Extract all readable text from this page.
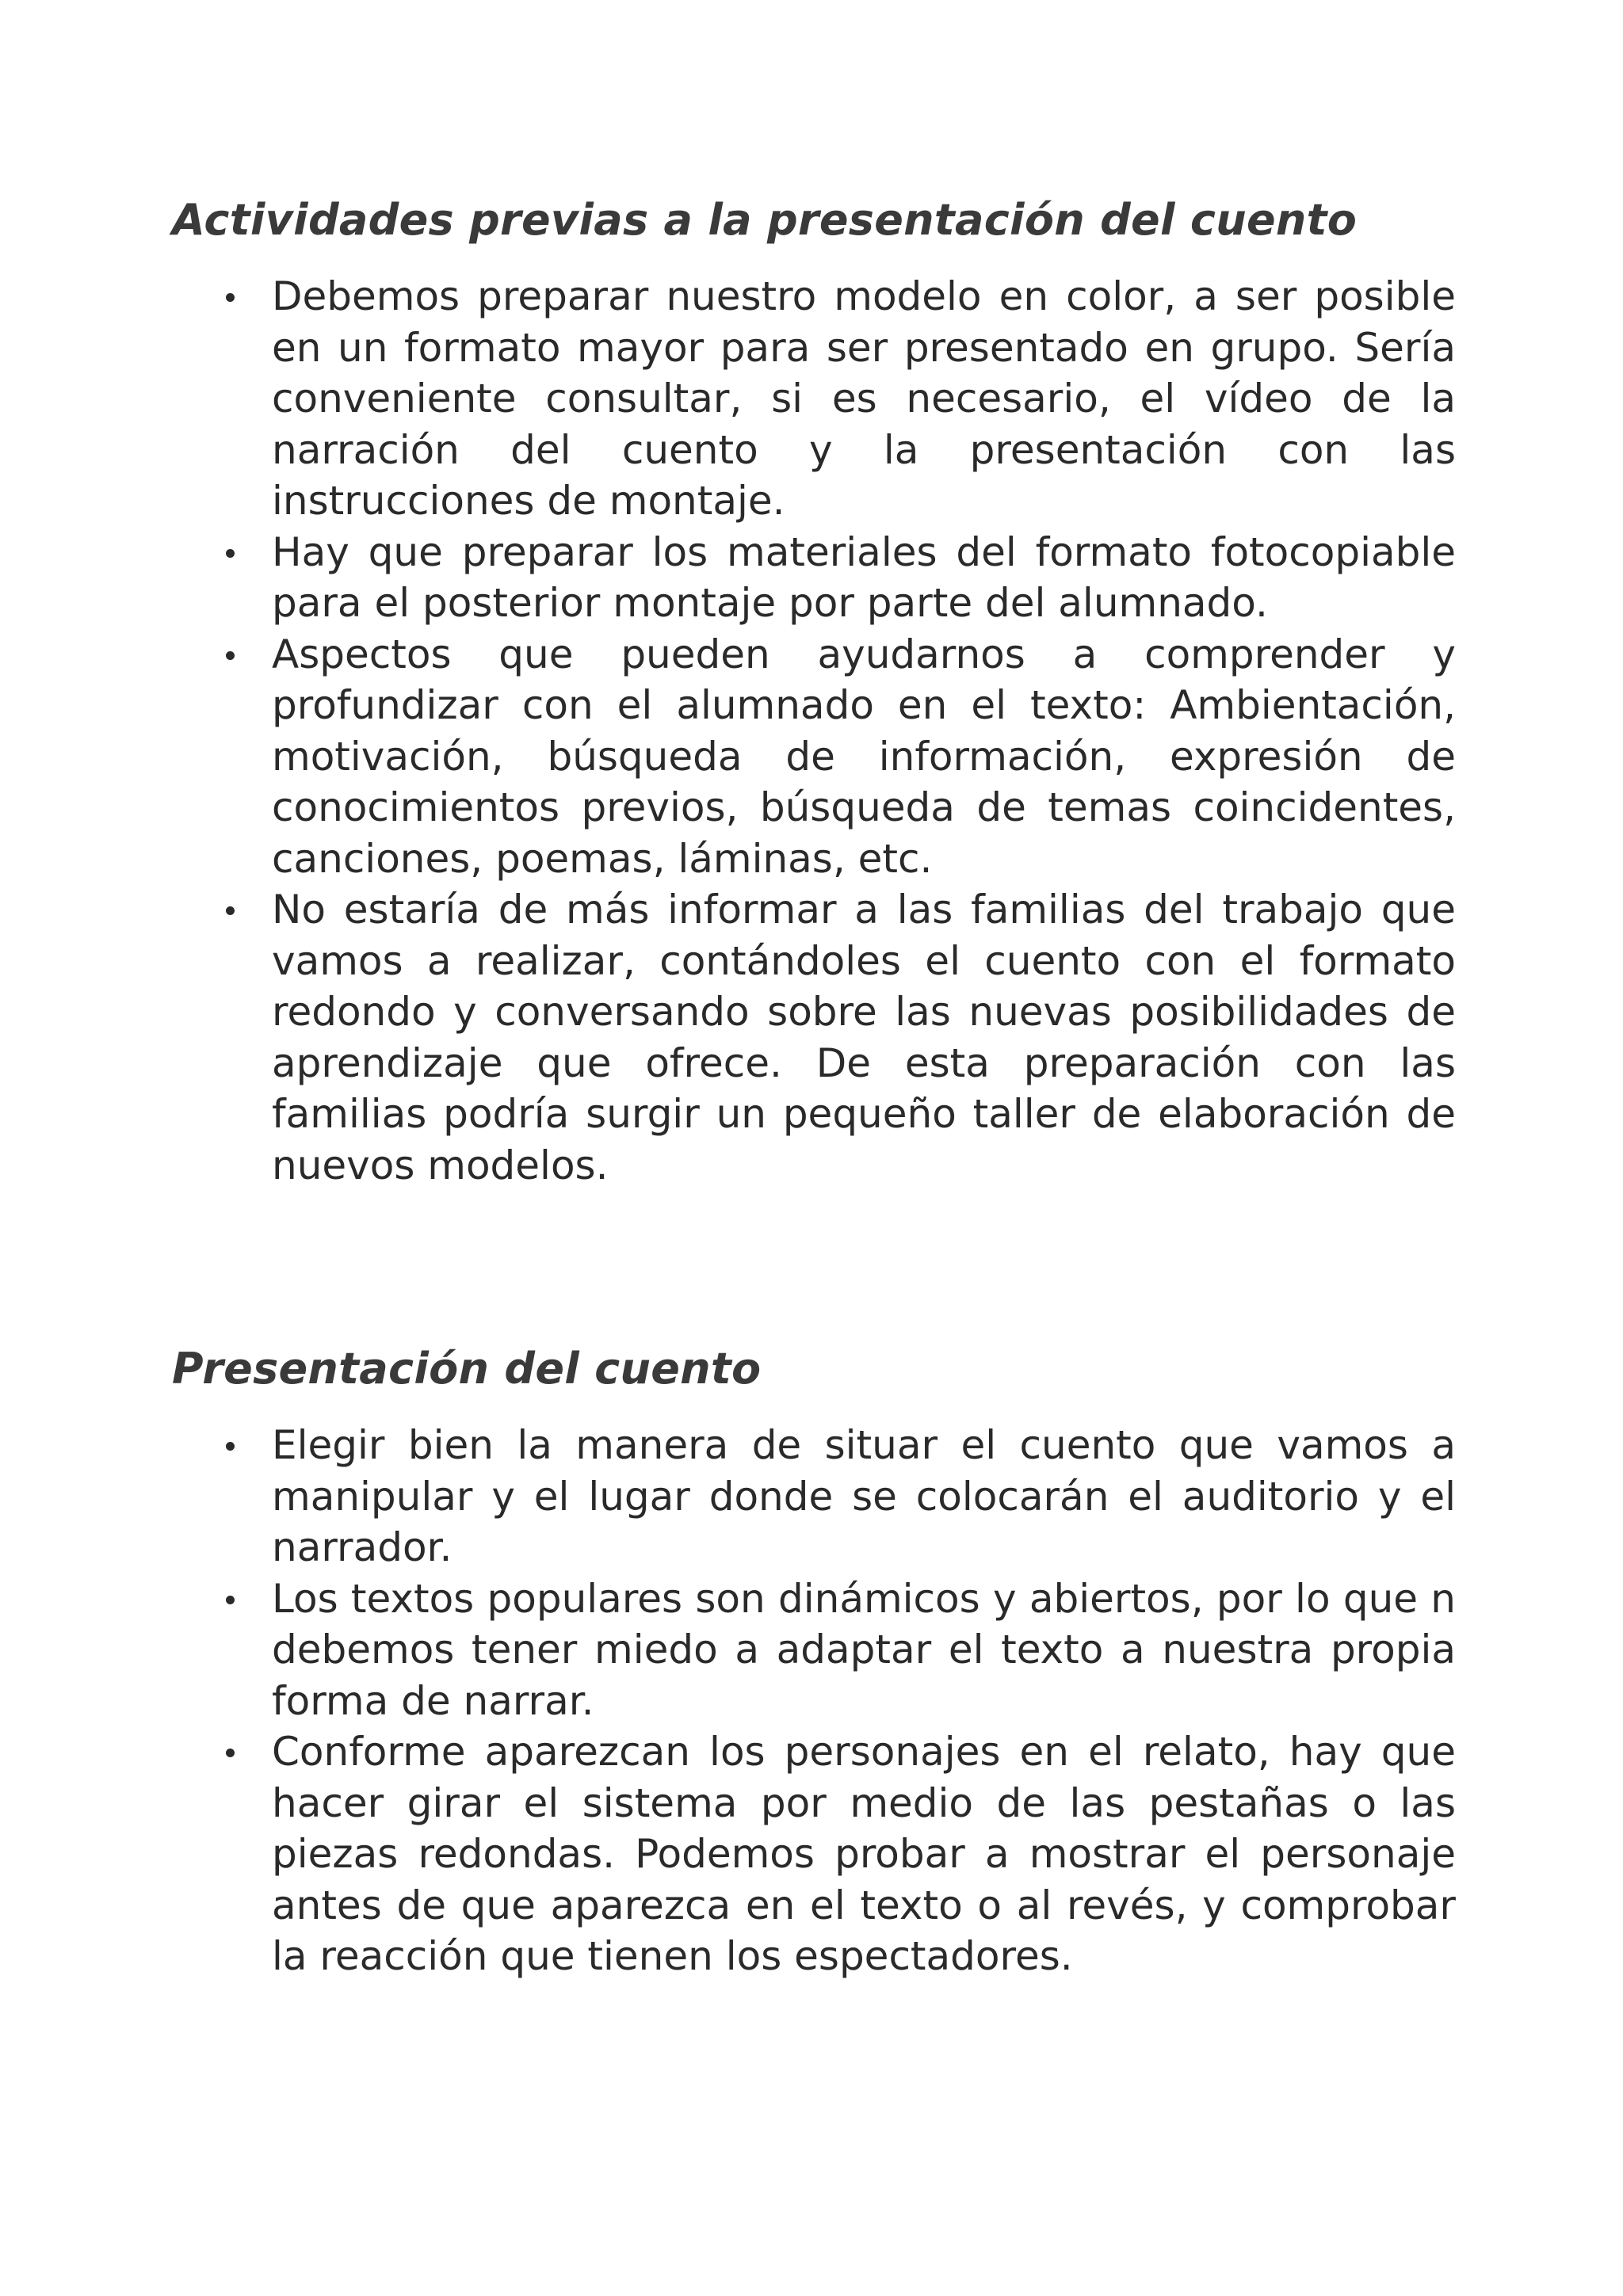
Actividades previas a la presentación del cuento
Debemos preparar nuestro modelo en color, a ser posible en un formato mayor para ser presentado en grupo. Sería conveniente consultar, si es necesario, el vídeo de la narración del cuento y la presentación con las instrucciones de montaje.
Hay que preparar los materiales del formato fotocopiable para el posterior montaje por parte del alumnado.
Aspectos que pueden ayudarnos a comprender y profundizar con el alumnado en el texto: Ambientación, motivación, búsqueda de información, expresión de conocimientos previos, búsqueda de temas coincidentes, canciones, poemas, láminas, etc.
No estaría de más informar a las familias del trabajo que vamos a realizar, contándoles el cuento con el formato redondo y conversando sobre las nuevas posibilidades de aprendizaje que ofrece. De esta preparación con las familias podría surgir un pequeño taller de elaboración de nuevos modelos.
Presentación del cuento
Elegir bien la manera de situar el cuento que vamos a manipular y el lugar donde se colocarán el auditorio y el narrador.
Los textos populares son dinámicos y abiertos, por lo que n debemos tener miedo a adaptar el texto a nuestra propia forma de narrar.
Conforme aparezcan los personajes en el relato, hay que hacer girar el sistema por medio de las pestañas o las piezas redondas. Podemos probar a mostrar el personaje antes de que aparezca en el texto o al revés, y comprobar la reacción que tienen los espectadores.
